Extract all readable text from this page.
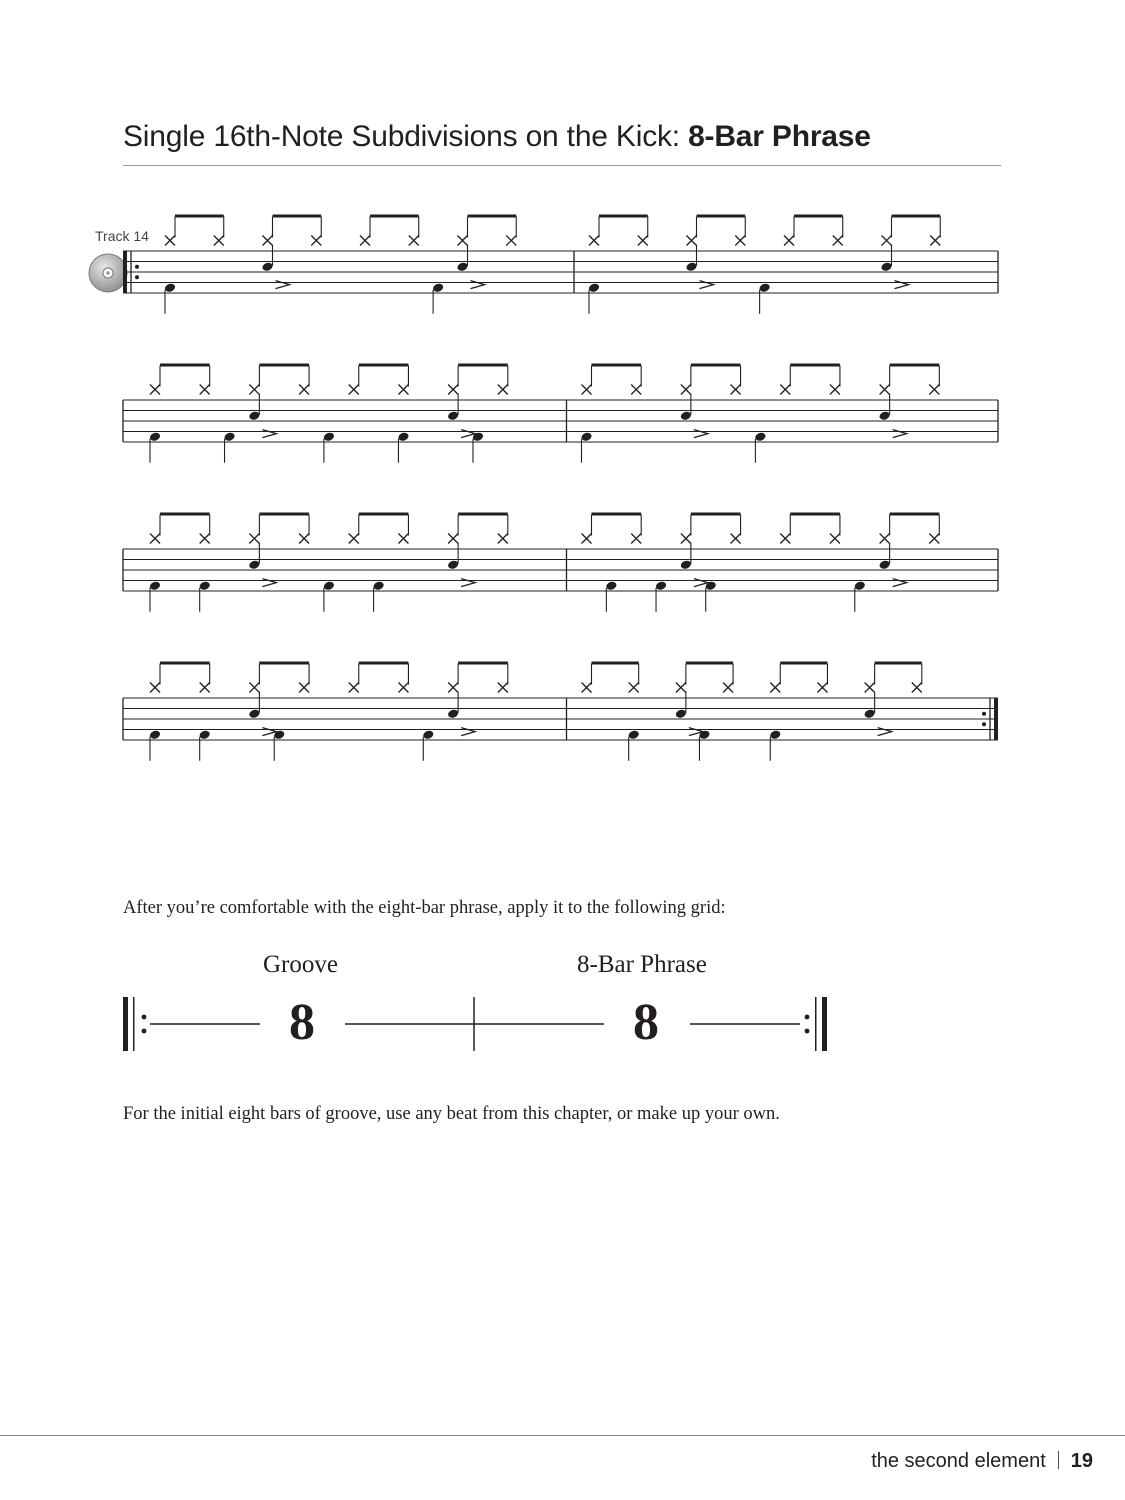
Single 16th-Note Subdivisions on the Kick: 8-Bar Phrase
Track 14
After you’re comfortable with the eight-bar phrase, apply it to the following grid:
Groove	8-Bar Phrase
8	8
For the initial eight bars of groove, use any beat from this chapter, or make up your own.
the second element 19
